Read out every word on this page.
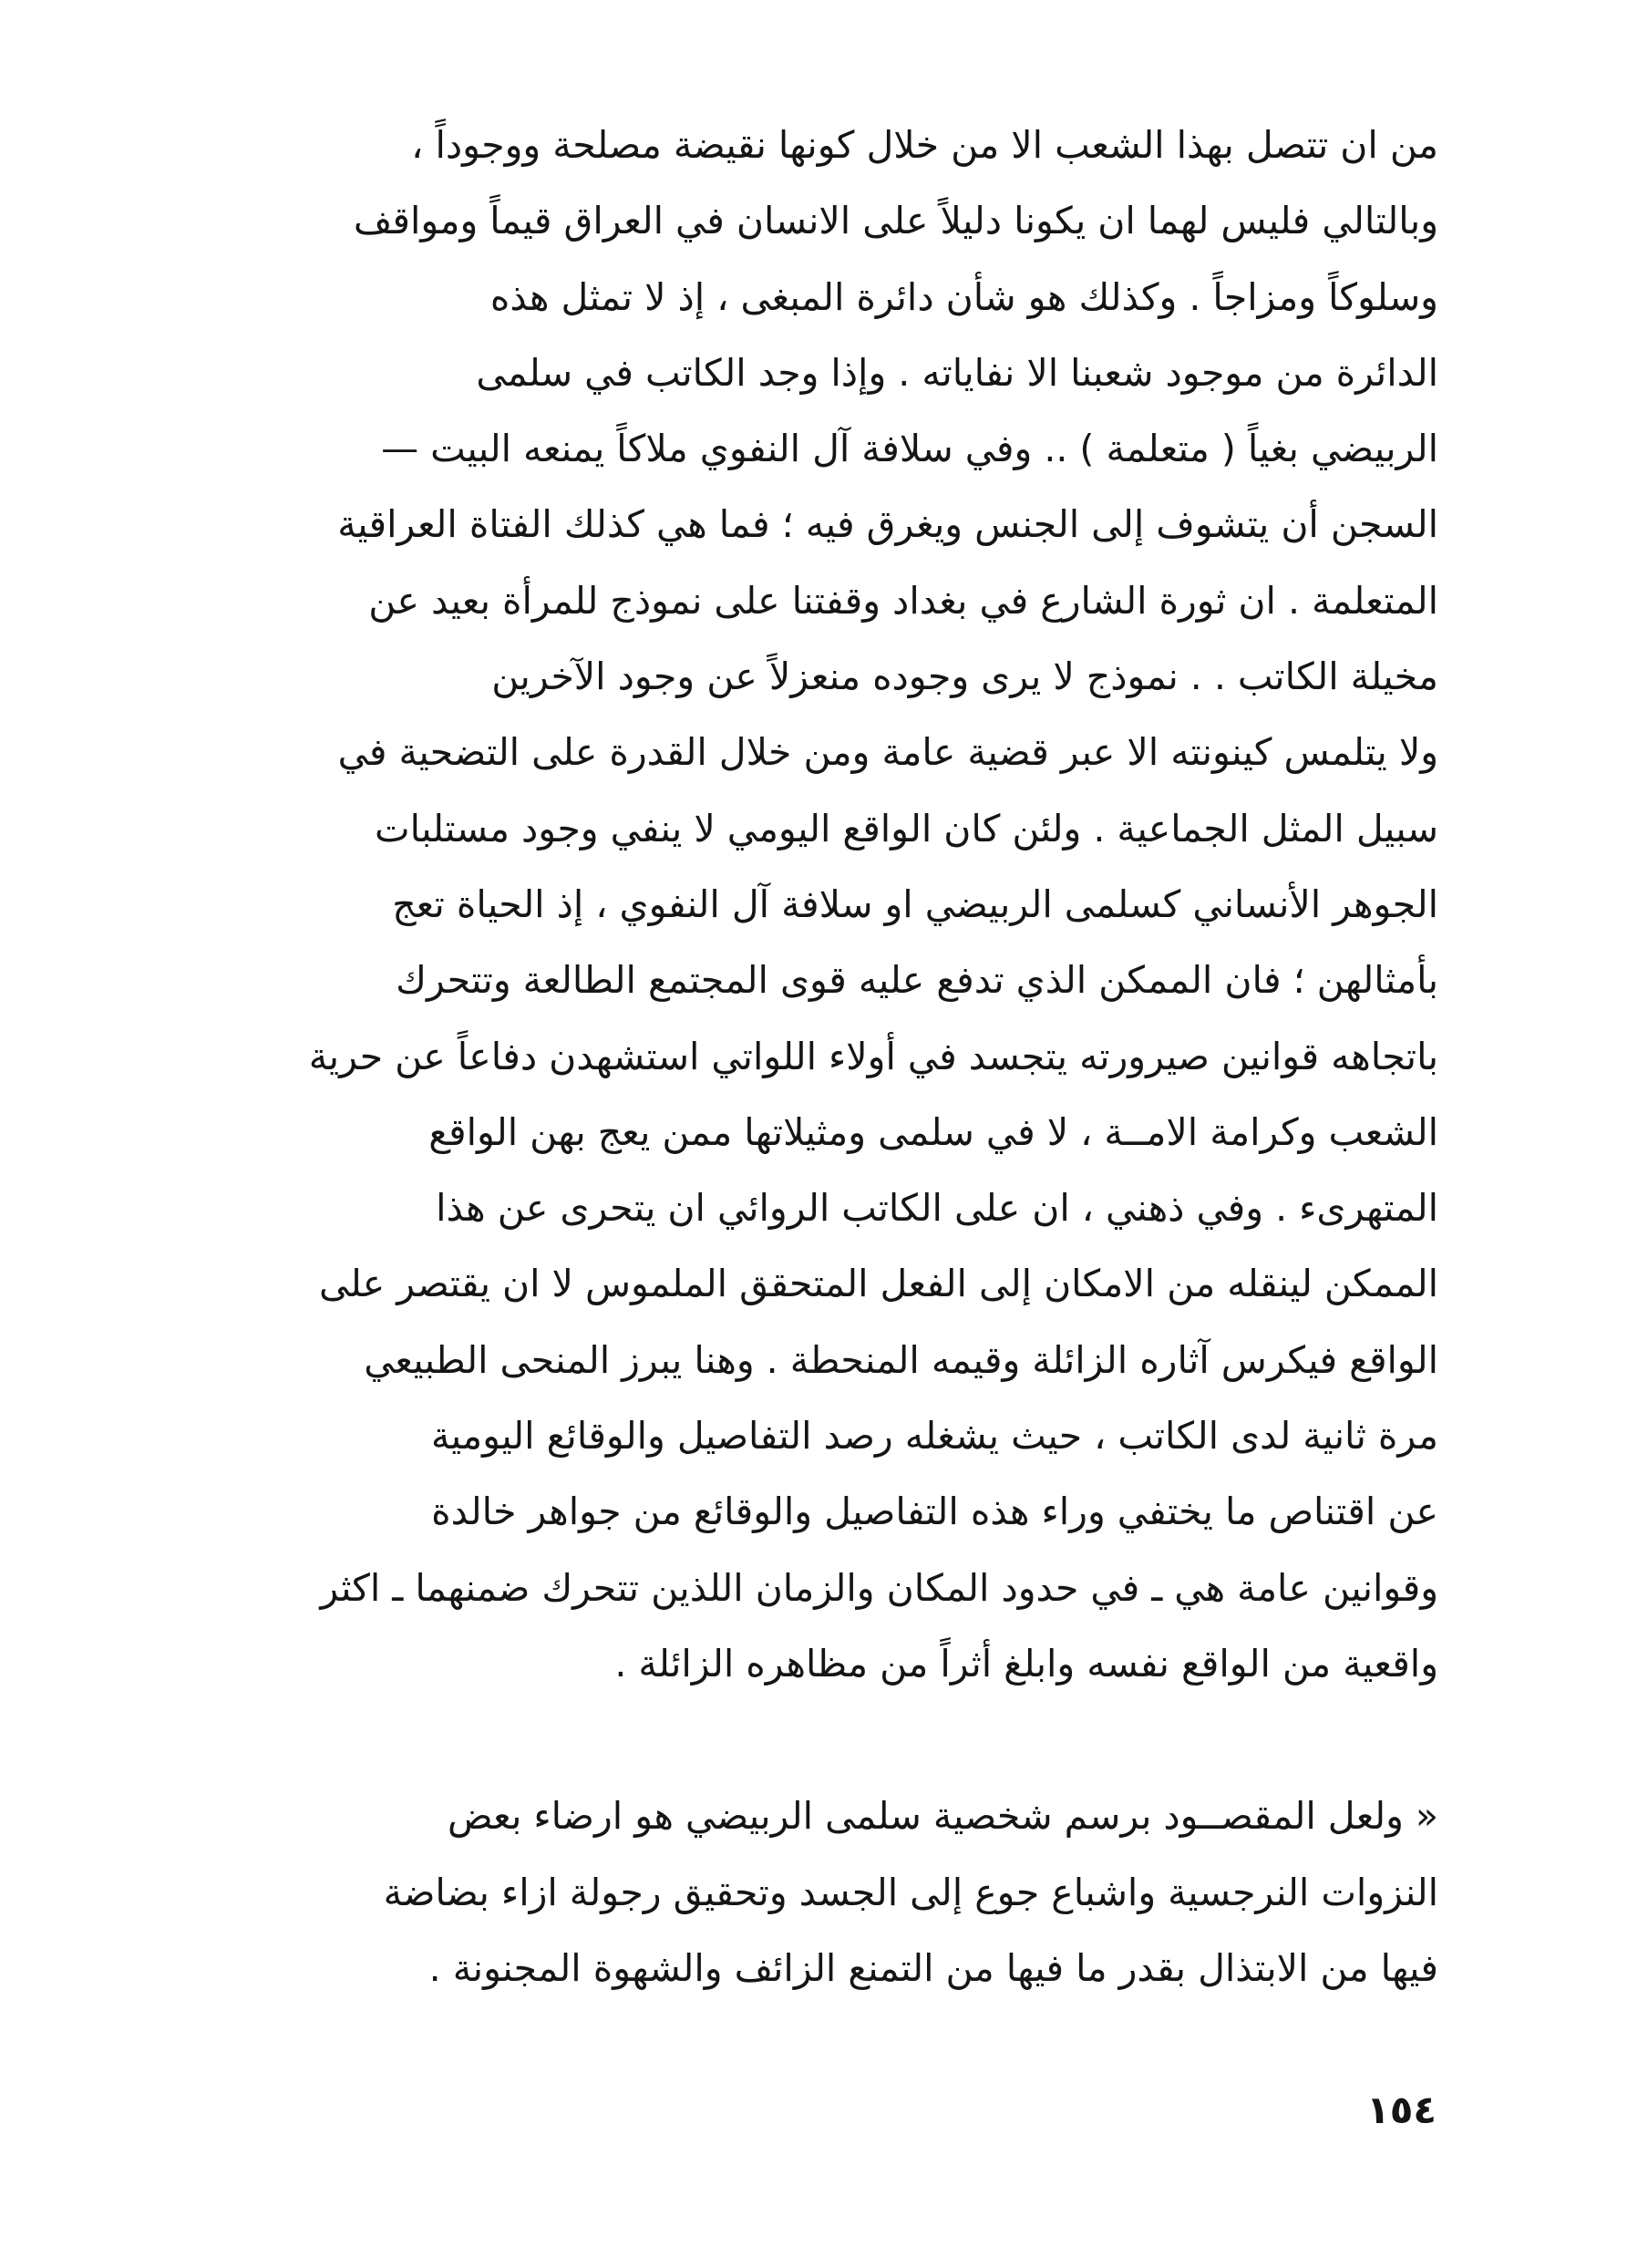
من ان تتصل بهذا الشعب الا من خلال كونها نقيضة مصلحة ووجوداً ،
وبالتالي فليس لهما ان يكونا دليلاً على الانسان في العراق قيماً ومواقف
وسلوكاً ومزاجاً . وكذلك هو شأن دائرة المبغى ، إذ لا تمثل هذه
الدائرة من موجود شعبنا الا نفاياته . وإذا وجد الكاتب في سلمى
الربيضي بغياً ( متعلمة ) .. وفي سلافة آل النفوي ملاكاً يمنعه البيت —
السجن أن يتشوف إلى الجنس ويغرق فيه ؛ فما هي كذلك الفتاة العراقية
المتعلمة . ان ثورة الشارع في بغداد وقفتنا على نموذج للمرأة بعيد عن
مخيلة الكاتب . . نموذج لا يرى وجوده منعزلاً عن وجود الآخرين
ولا يتلمس كينونته الا عبر قضية عامة ومن خلال القدرة على التضحية في
سبيل المثل الجماعية . ولئن كان الواقع اليومي لا ينفي وجود مستلبات
الجوهر الأنساني كسلمى الربيضي او سلافة آل النفوي ، إذ الحياة تعج
بأمثالهن ؛ فان الممكن الذي تدفع عليه قوى المجتمع الطالعة وتتحرك
باتجاهه قوانين صيرورته يتجسد في أولاء اللواتي استشهدن دفاعاً عن حرية
الشعب وكرامة الامــة ، لا في سلمى ومثيلاتها ممن يعج بهن الواقع
المتهرىء . وفي ذهني ، ان على الكاتب الروائي ان يتحرى عن هذا
الممكن لينقله من الامكان إلى الفعل المتحقق الملموس لا ان يقتصر على
الواقع فيكرس آثاره الزائلة وقيمه المنحطة . وهنا يبرز المنحى الطبيعي
مرة ثانية لدى الكاتب ، حيث يشغله رصد التفاصيل والوقائع اليومية
عن اقتناص ما يختفي وراء هذه التفاصيل والوقائع من جواهر خالدة
وقوانين عامة هي ـ في حدود المكان والزمان اللذين تتحرك ضمنهما ـ اكثر
واقعية من الواقع نفسه وابلغ أثراً من مظاهره الزائلة .
« ولعل المقصــود برسم شخصية سلمى الربيضي هو ارضاء بعض
النزوات النرجسية واشباع جوع إلى الجسد وتحقيق رجولة ازاء بضاضة
فيها من الابتذال بقدر ما فيها من التمنع الزائف والشهوة المجنونة .
١٥٤
